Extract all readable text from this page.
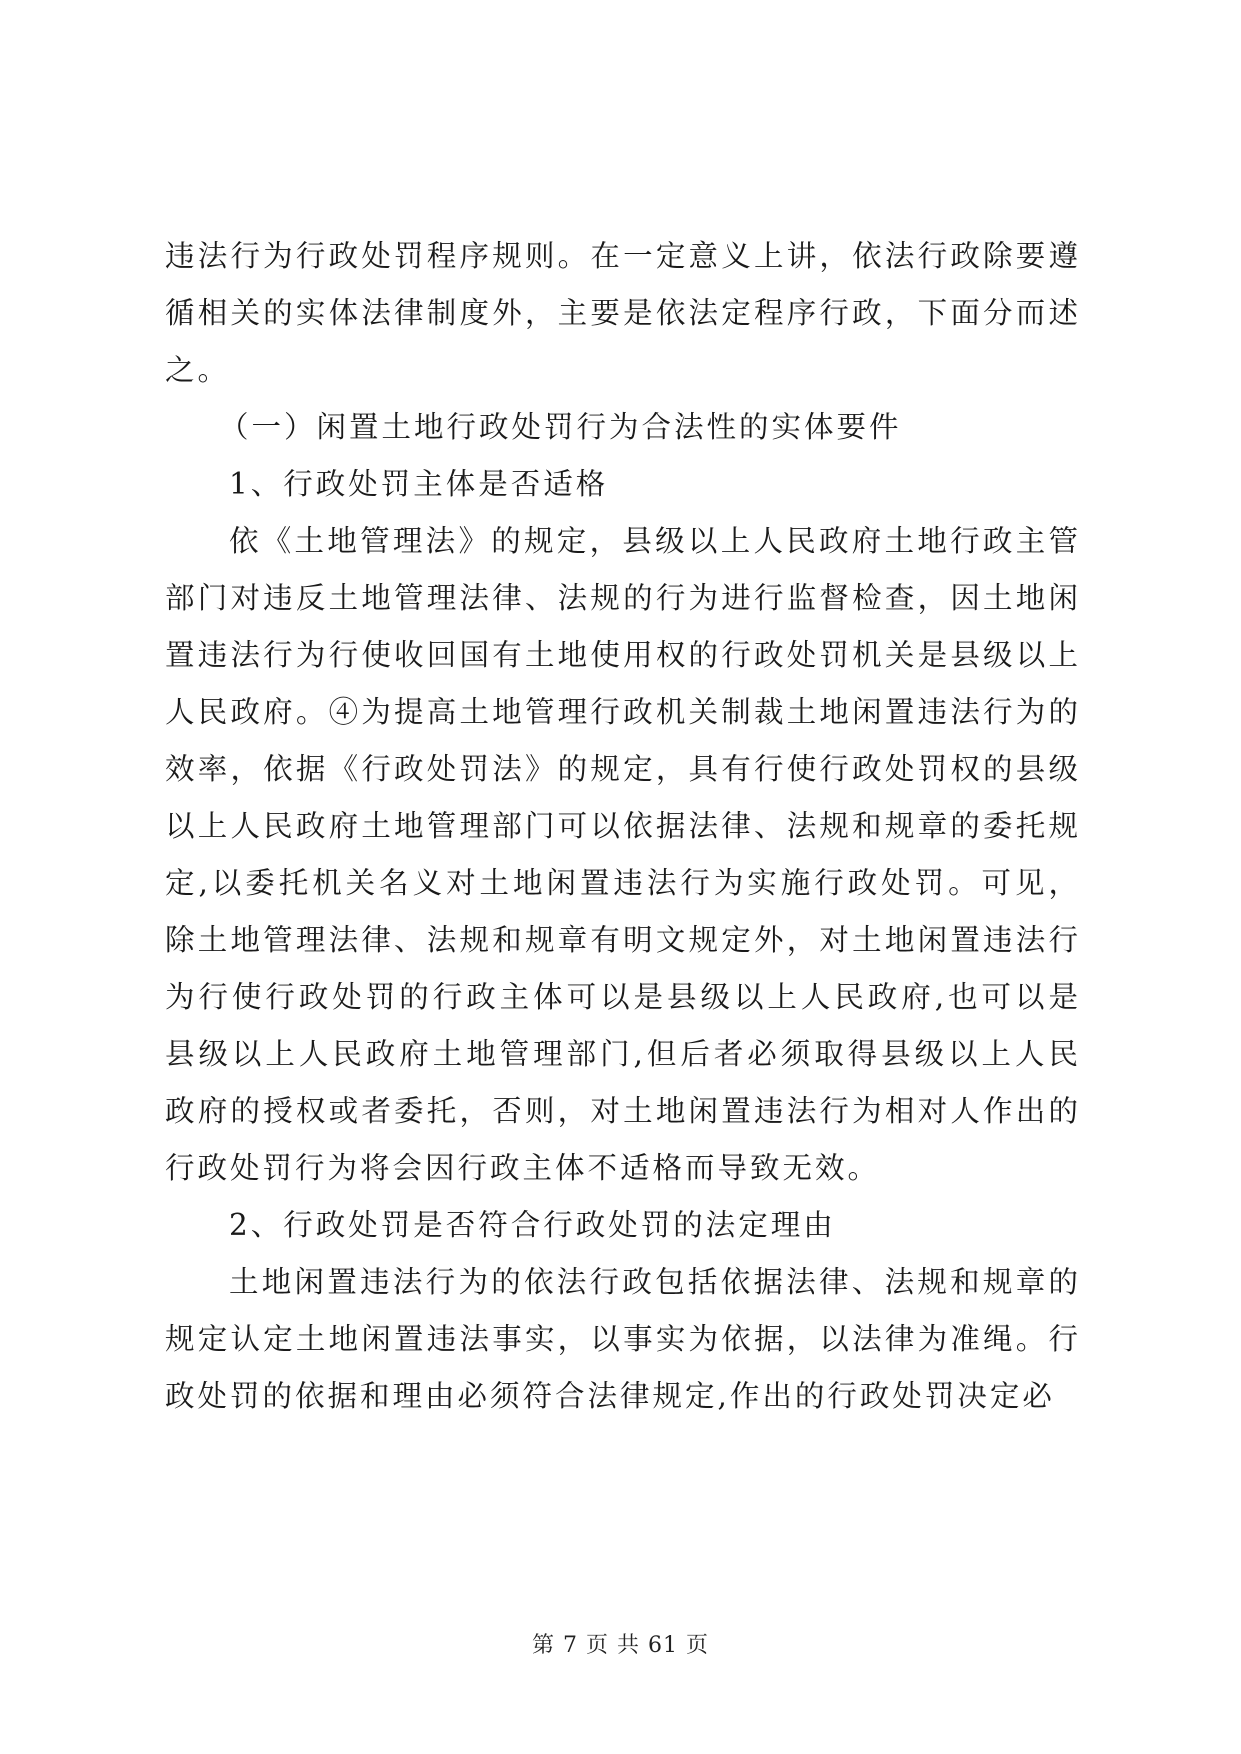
违法行为行政处罚程序规则。在一定意义上讲，依法行政除要遵循相关的实体法律制度外，主要是依法定程序行政，下面分而述之。

（一）闲置土地行政处罚行为合法性的实体要件

1、行政处罚主体是否适格

依《土地管理法》的规定，县级以上人民政府土地行政主管部门对违反土地管理法律、法规的行为进行监督检查，因土地闲置违法行为行使收回国有土地使用权的行政处罚机关是县级以上人民政府。④为提高土地管理行政机关制裁土地闲置违法行为的效率，依据《行政处罚法》的规定，具有行使行政处罚权的县级以上人民政府土地管理部门可以依据法律、法规和规章的委托规定,以委托机关名义对土地闲置违法行为实施行政处罚。可见，除土地管理法律、法规和规章有明文规定外，对土地闲置违法行为行使行政处罚的行政主体可以是县级以上人民政府,也可以是县级以上人民政府土地管理部门,但后者必须取得县级以上人民政府的授权或者委托，否则，对土地闲置违法行为相对人作出的行政处罚行为将会因行政主体不适格而导致无效。

2、行政处罚是否符合行政处罚的法定理由

土地闲置违法行为的依法行政包括依据法律、法规和规章的规定认定土地闲置违法事实，以事实为依据，以法律为准绳。行政处罚的依据和理由必须符合法律规定,作出的行政处罚决定必

第 7 页 共 61 页
